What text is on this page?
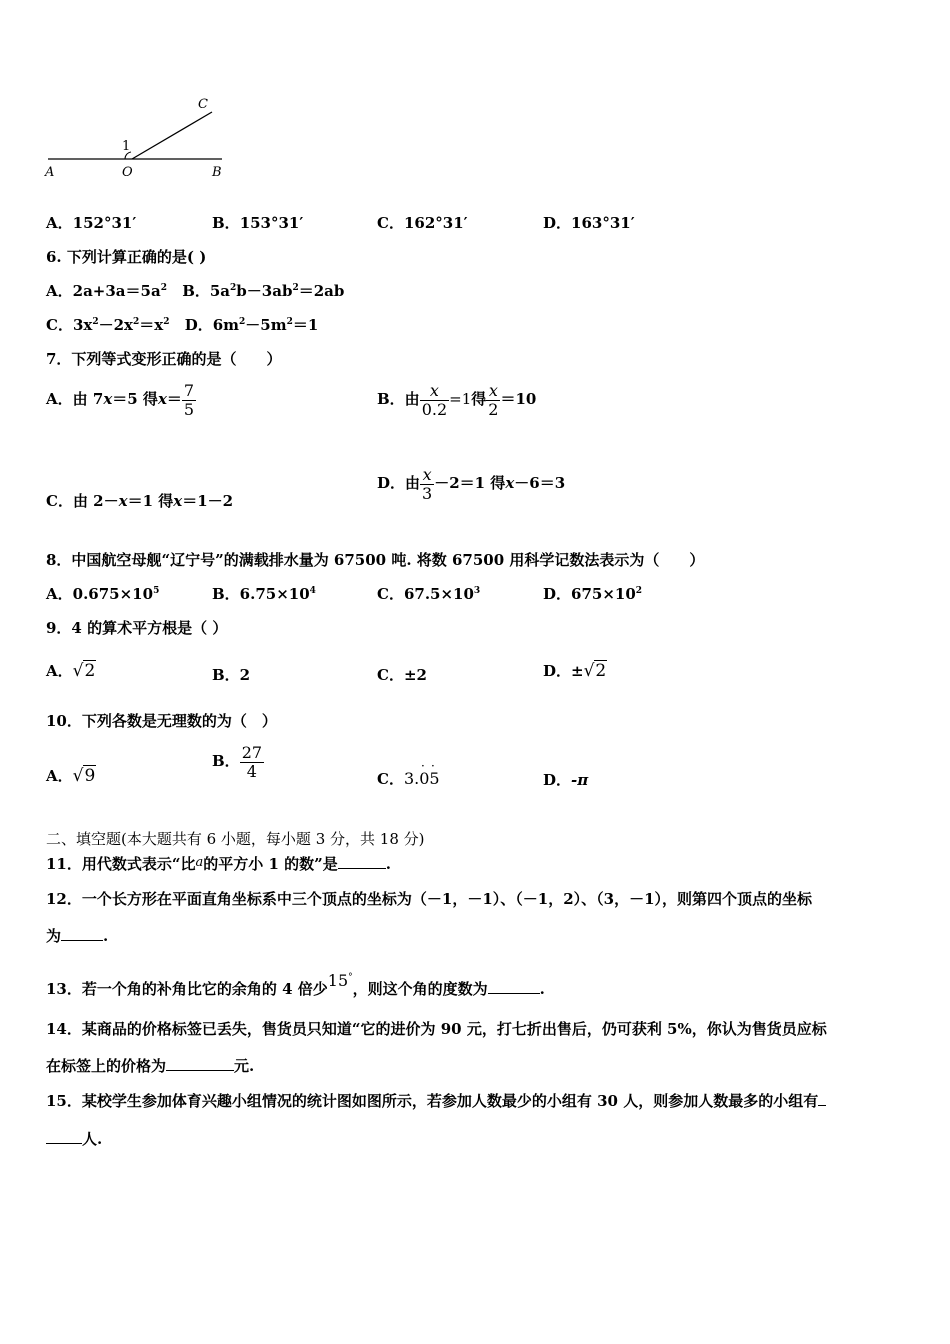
C
1
A	O	B
A．152°31′	B．153°31′	C．162°31′	D．163°31′
6. 下列计算正确的是( )
A．$2a+3a=5a^2$ B．$5a^2b-3ab^2=2ab$
C．$3x^2-2x^2=x^2$ D．$6m^2-5m^2=1$
7．下列等式变形正确的是（　　）
A．由 7x＝5 得$x= \frac{7}{5}$	B．由 $\frac{x}{0.2} =1$得 $\frac{x}{2} =10$
C．由 2－x＝1 得x＝1－2
D．由 $\frac{x}{3} -2=1$ 得x－6＝3
8．中国航空母舰“辽宁号”的满载排水量为 67500 吨. 将数 67500 用科学记数法表示为（　　）
A．$0.675\times 10^5$	B．$6.75\times 10^4$	C．$67.5\times 10^3$	D．$675\times 10^2$
9．4 的算术平方根是（ ）
A．√2	B．2	C．±2	D．±√2
10．下列各数是无理数的为（　）
A．√9
B． $\frac{27}{4}$	C．3.05
· ·
D．-π
二、填空题(本大题共有 6 小题，每小题 3 分，共 18 分)
11．用代数式表示“比a的平方小 1 的数”是	.
12．一个长方形在平面直角坐标系中三个顶点的坐标为（－1，－1）、（－1，2）、（3，－1），则第四个顶点的坐标
为	.
13．若一个角的补角比它的余角的 4 倍少15°，则这个角的度数为	.
14．某商品的价格标签已丢失，售货员只知道“它的进价为 90 元，打七折出售后，仍可获利 5%，你认为售货员应标
在标签上的价格为	元.
15．某校学生参加体育兴趣小组情况的统计图如图所示，若参加人数最少的小组有 30 人，则参加人数最多的小组有
人.
